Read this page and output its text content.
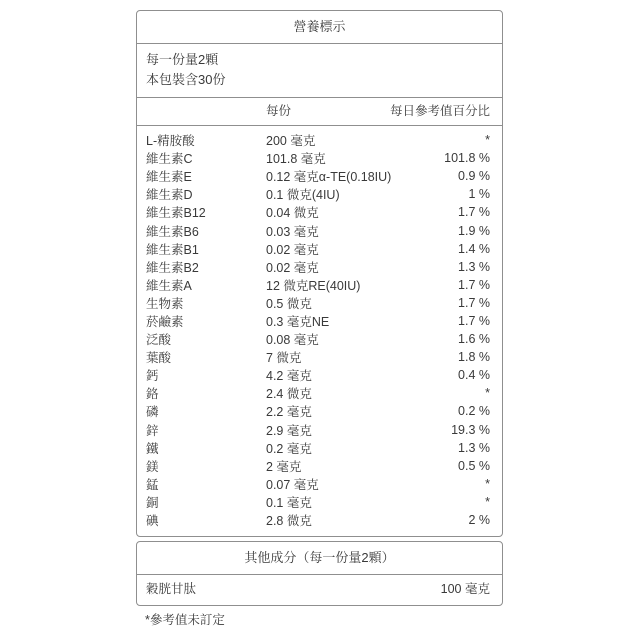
營養標示
每一份量2顆
本包裝含30份
每份	每日參考值百分比
L-精胺酸	200 毫克	*
維生素C	101.8 毫克	101.8 %
維生素E	0.12 毫克α-TE(0.18IU)	0.9 %
維生素D	0.1 微克(4IU)	1 %
維生素B12	0.04 微克	1.7 %
維生素B6	0.03 毫克	1.9 %
維生素B1	0.02 毫克	1.4 %
維生素B2	0.02 毫克	1.3 %
維生素A	12 微克RE(40IU)	1.7 %
生物素	0.5 微克	1.7 %
菸鹼素	0.3 毫克NE	1.7 %
泛酸	0.08 毫克	1.6 %
葉酸	7 微克	1.8 %
鈣	4.2 毫克	0.4 %
鉻	2.4 微克	*
磷	2.2 毫克	0.2 %
鋅	2.9 毫克	19.3 %
鐵	0.2 毫克	1.3 %
鎂	2 毫克	0.5 %
錳	0.07 毫克	*
銅	0.1 毫克	*
碘	2.8 微克	2 %
其他成分（每一份量2顆）
穀胱甘肽	100 毫克
*參考值未訂定
